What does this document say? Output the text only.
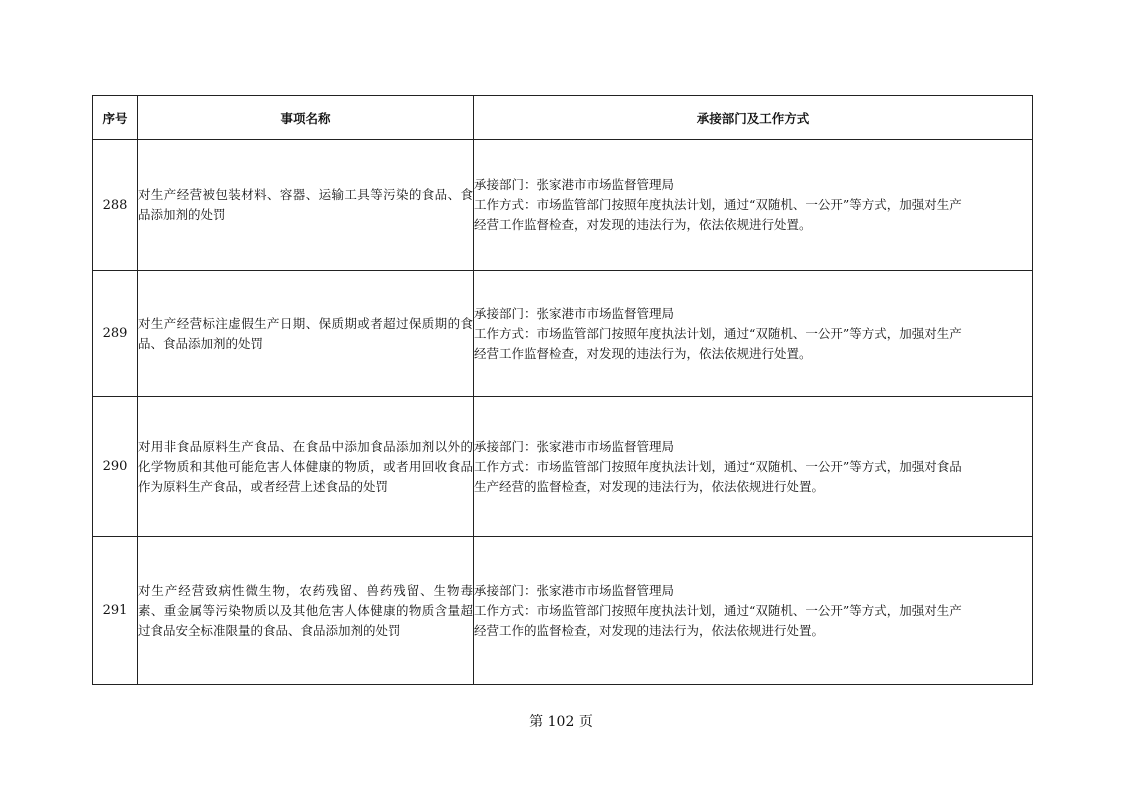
序号	事项名称	承接部门及工作方式
288	对生产经营被包装材料、容器、运输工具等污染的食品、食品添加剂的处罚	承接部门：张家港市市场监督管理局
工作方式：市场监管部门按照年度执法计划，通过“双随机、一公开”等方式，加强对生产
经营工作监督检查，对发现的违法行为，依法依规进行处置。

289	对生产经营标注虚假生产日期、保质期或者超过保质期的食品、食品添加剂的处罚	承接部门：张家港市市场监督管理局
工作方式：市场监管部门按照年度执法计划，通过“双随机、一公开”等方式，加强对生产
经营工作监督检查，对发现的违法行为，依法依规进行处置。

290	对用非食品原料生产食品、在食品中添加食品添加剂以外的化学物质和其他可能危害人体健康的物质，或者用回收食品作为原料生产食品，或者经营上述食品的处罚	承接部门：张家港市市场监督管理局
工作方式：市场监管部门按照年度执法计划，通过“双随机、一公开”等方式，加强对食品
生产经营的监督检查，对发现的违法行为，依法依规进行处置。

291	对生产经营致病性微生物，农药残留、兽药残留、生物毒素、重金属等污染物质以及其他危害人体健康的物质含量超过食品安全标准限量的食品、食品添加剂的处罚	承接部门：张家港市市场监督管理局
工作方式：市场监管部门按照年度执法计划，通过“双随机、一公开”等方式，加强对生产
经营工作的监督检查，对发现的违法行为，依法依规进行处置。
第 102 页
